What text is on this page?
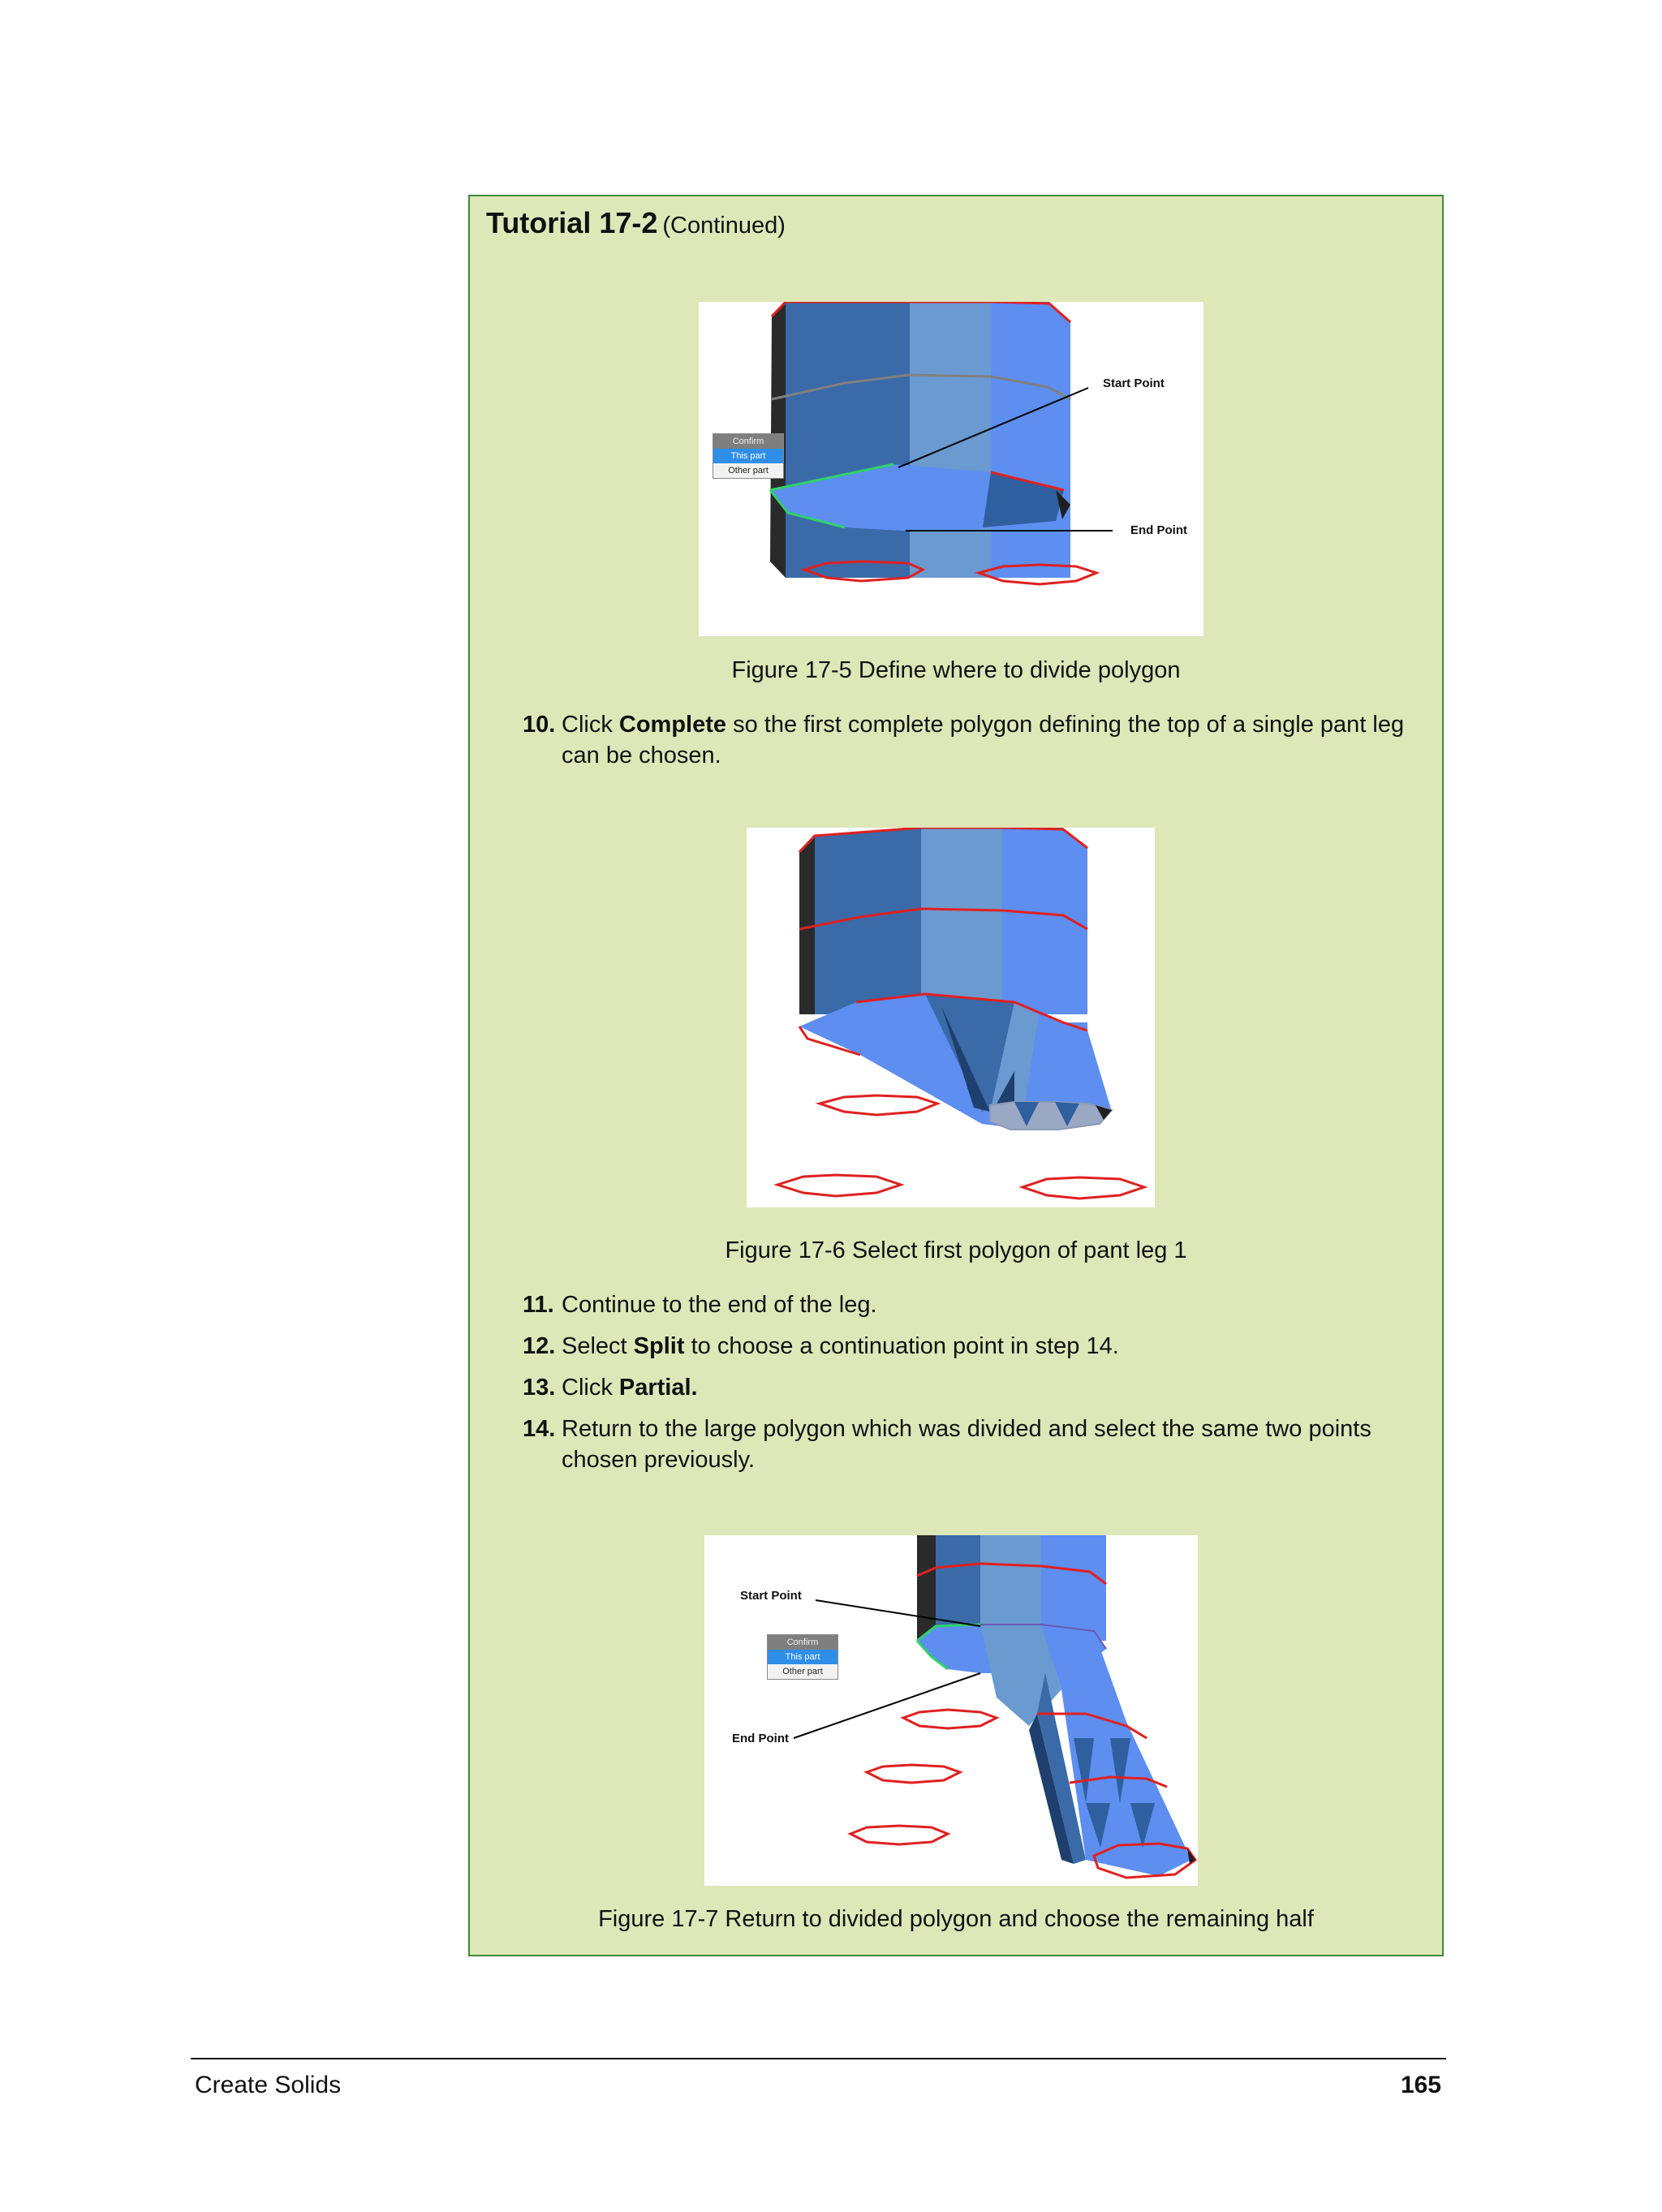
Tutorial 17-2 (Continued)
Confirm
This part
Other part
Start Point
End Point
Figure 17-5 Define where to divide polygon
10. Click Complete so the first complete polygon defining the top of a single pant leg can be chosen.
Figure 17-6 Select first polygon of pant leg 1
11. Continue to the end of the leg.
12. Select Split to choose a continuation point in step 14.
13. Click Partial.
14. Return to the large polygon which was divided and select the same two points chosen previously.
Confirm
This part
Other part
Start Point
End Point
Figure 17-7 Return to divided polygon and choose the remaining half
Create Solids	165
